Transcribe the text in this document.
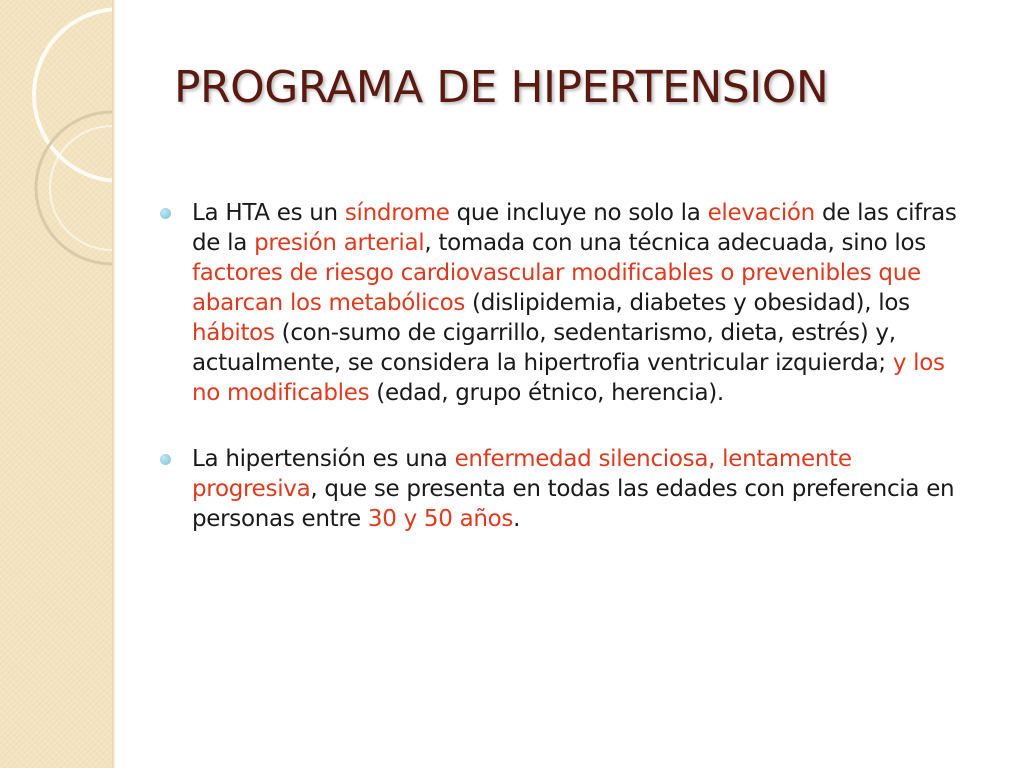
PROGRAMA DE HIPERTENSION
La HTA es un síndrome que incluye no solo la elevación de las cifras de la presión arterial, tomada con una técnica adecuada, sino los factores de riesgo cardiovascular modificables o prevenibles que abarcan los metabólicos (dislipidemia, diabetes y obesidad), los hábitos (con-sumo de cigarrillo, sedentarismo, dieta, estrés) y, actualmente, se considera la hipertrofia ventricular izquierda; y los no modificables (edad, grupo étnico, herencia).
La hipertensión es una enfermedad silenciosa, lentamente progresiva, que se presenta en todas las edades con preferencia en personas entre 30 y 50 años.
